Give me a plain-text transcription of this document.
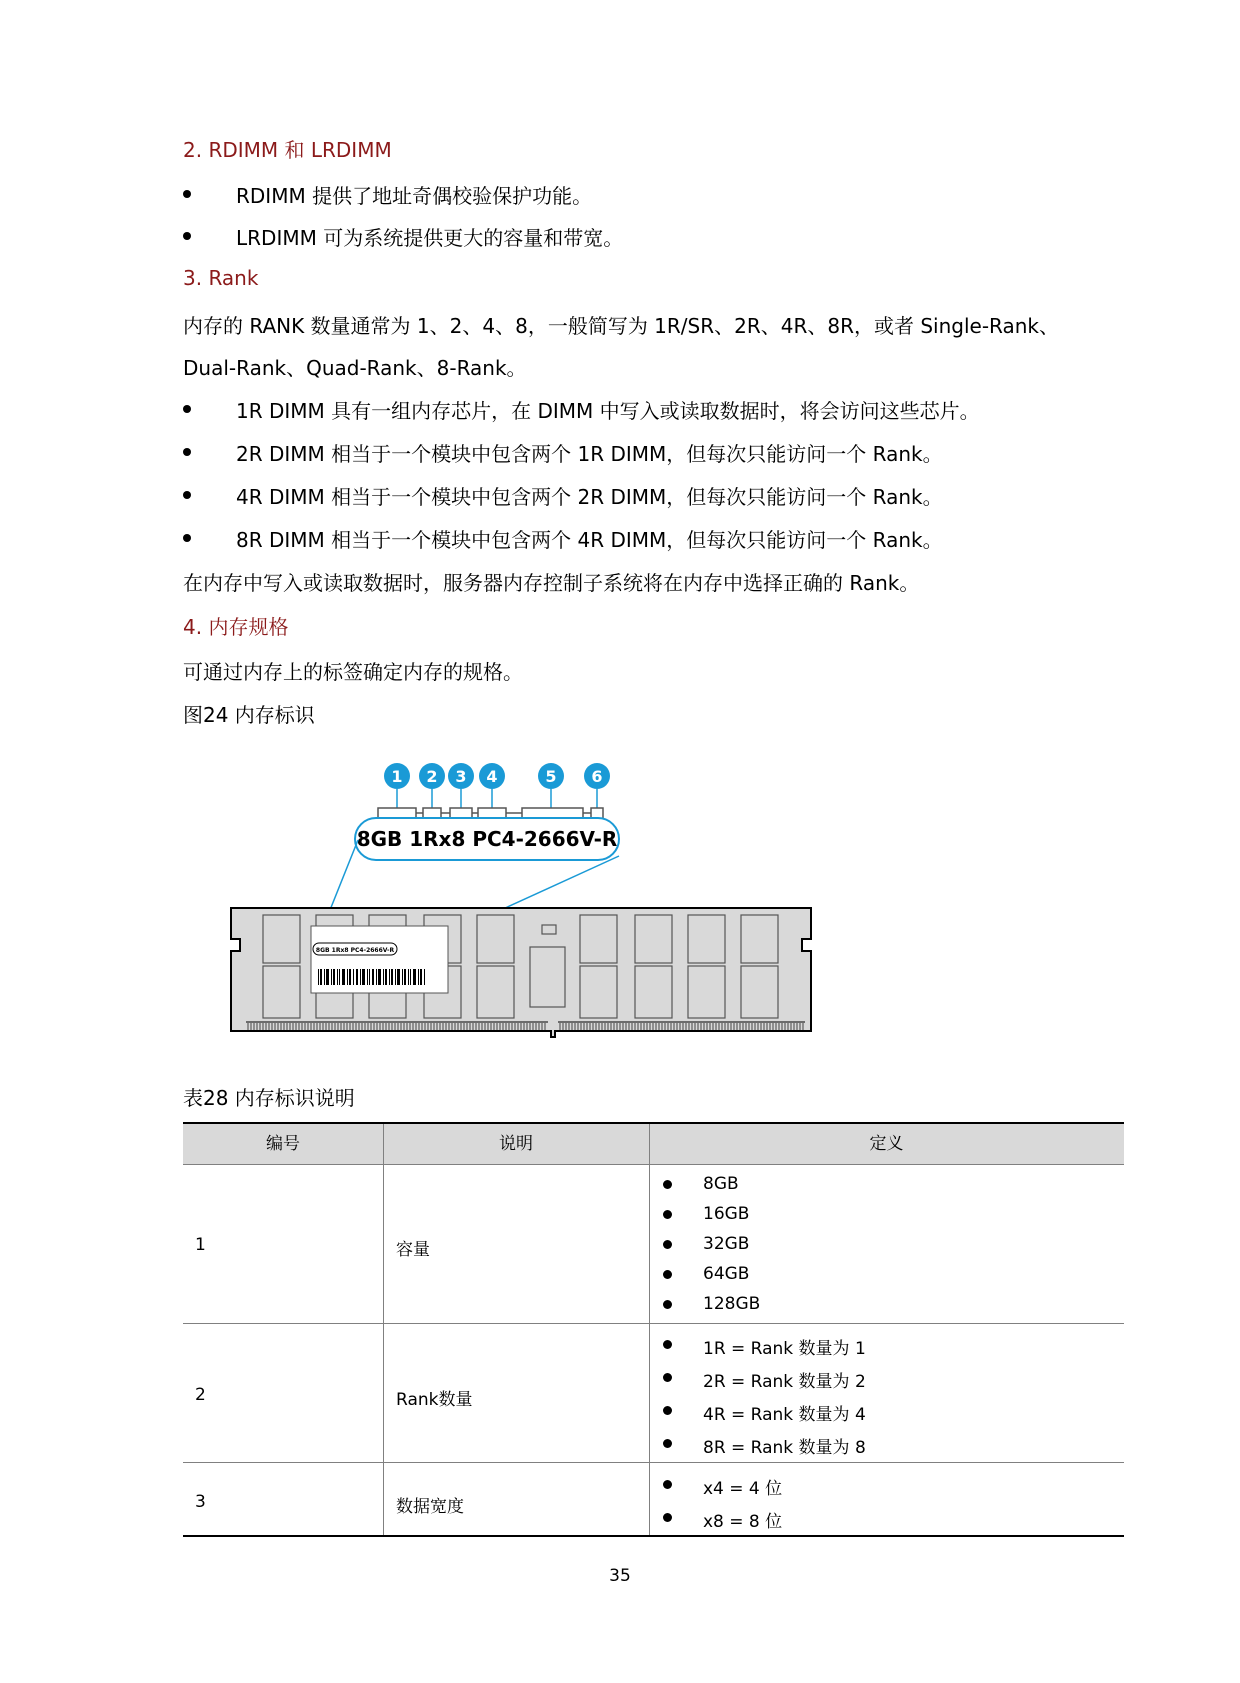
2. RDIMM 和 LRDIMM
RDIMM 提供了地址奇偶校验保护功能。
LRDIMM 可为系统提供更大的容量和带宽。
3. Rank
内存的 RANK 数量通常为 1、2、4、8，一般简写为 1R/SR、2R、4R、8R，或者 Single-Rank、
Dual-Rank、Quad-Rank、8-Rank。
1R DIMM 具有一组内存芯片，在 DIMM 中写入或读取数据时，将会访问这些芯片。
2R DIMM 相当于一个模块中包含两个 1R DIMM，但每次只能访问一个 Rank。
4R DIMM 相当于一个模块中包含两个 2R DIMM，但每次只能访问一个 Rank。
8R DIMM 相当于一个模块中包含两个 4R DIMM，但每次只能访问一个 Rank。
在内存中写入或读取数据时，服务器内存控制子系统将在内存中选择正确的 Rank。
4. 内存规格
可通过内存上的标签确定内存的规格。
图24 内存标识
1 2 3 4	5 6
8GB 1Rx8 PC4-2666V-R
8GB 1Rx8 PC4-2666V-R
表28 内存标识说明
编号	说明	定义
1	容量
8GB
16GB
32GB
64GB
128GB
2	Rank数量
1R = Rank 数量为 1
2R = Rank 数量为 2
4R = Rank 数量为 4
8R = Rank 数量为 8
3	数据宽度
x4 = 4 位
x8 = 8 位
35
